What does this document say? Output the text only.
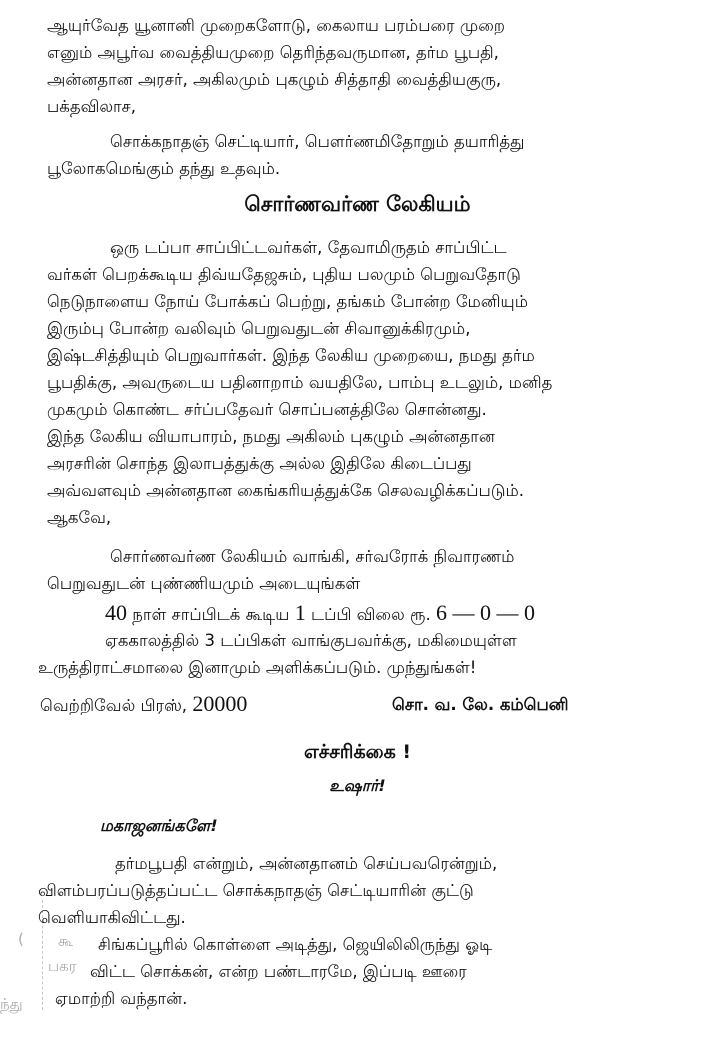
( கூ
பகர
ந்து
ஆயுர்வேத யூனானி முறைகளோடு, கைலாய பரம்பரை முறை
எனும் அபூர்வ வைத்தியமுறை தெரிந்தவருமான, தர்ம பூபதி,
அன்னதான அரசர், அகிலமும் புகழும் சித்தாதி வைத்தியகுரு,
பக்தவிலாச,
சொக்கநாதஞ் செட்டியார், பௌர்ணமிதோறும் தயாரித்து
பூலோகமெங்கும் தந்து உதவும்.
சொர்ணவர்ண லேகியம்
ஒரு டப்பா சாப்பிட்டவர்கள், தேவாமிருதம் சாப்பிட்ட
வர்கள் பெறக்கூடிய திவ்யதேஜசும், புதிய பலமும் பெறுவதோடு
நெடுநாளைய நோய் போக்கப் பெற்று, தங்கம் போன்ற மேனியும்
இரும்பு போன்ற வலிவும் பெறுவதுடன் சிவானுக்கிரமும்,
இஷ்டசித்தியும் பெறுவார்கள். இந்த லேகிய முறையை, நமது தர்ம
பூபதிக்கு, அவருடைய பதினாறாம் வயதிலே, பாம்பு உடலும், மனித
முகமும் கொண்ட சர்ப்பதேவர் சொப்பனத்திலே சொன்னது.
இந்த லேகிய வியாபாரம், நமது அகிலம் புகழும் அன்னதான
அரசரின் சொந்த இலாபத்துக்கு அல்ல இதிலே கிடைப்பது
அவ்வளவும் அன்னதான கைங்கரியத்துக்கே செலவழிக்கப்படும்.
ஆகவே,
சொர்ணவர்ண லேகியம் வாங்கி, சர்வரோக் நிவாரணம்
பெறுவதுடன் புண்ணியமும் அடையுங்கள்
40 நாள் சாப்பிடக் கூடிய 1 டப்பி விலை ரூ. 6 — 0 — 0
ஏககாலத்தில் 3 டப்பிகள் வாங்குபவர்க்கு, மகிமையுள்ள
உருத்திராட்சமாலை இனாமும் அளிக்கப்படும். முந்துங்கள்!
வெற்றிவேல் பிரஸ், 20000	சொ. வ. லே. கம்பெனி
எச்சரிக்கை !
உஷார்!
மகாஜனங்களே!
தர்மபூபதி என்றும், அன்னதானம் செய்பவரென்றும்,
விளம்பரப்படுத்தப்பட்ட சொக்கநாதஞ் செட்டியாரின் குட்டு
வெளியாகிவிட்டது.
சிங்கப்பூரில் கொள்ளை அடித்து, ஜெயிலிலிருந்து ஓடி
விட்ட சொக்கன், என்ற பண்டாரமே, இப்படி ஊரை
ஏமாற்றி வந்தான்.
